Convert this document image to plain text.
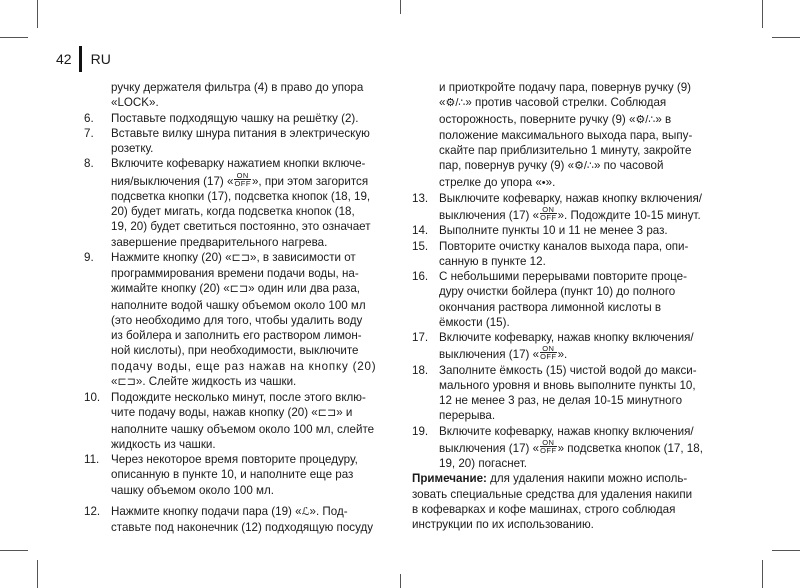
42 RU
ручку держателя фильтра (4) в право до упора
«LOCK».
6.	Поставьте подходящую чашку на решётку (2).
7.	Вставьте вилку шнура питания в электрическую
розетку.
8.	Включите кофеварку нажатием кнопки включе-
ния/выключения (17) « ON
OFF », при этом загорится
подсветка кнопки (17), подсветка кнопок (18, 19,
20) будет мигать, когда подсветка кнопок (18,
19, 20) будет светиться постоянно, это означает
завершение предварительного нагрева.
9.	Нажмите кнопку (20) «⊏⊐», в зависимости от
программирования времени подачи воды, на-
жимайте кнопку (20) «⊏⊐» один или два раза,
наполните водой чашку объемом около 100 мл
(это необходимо для того, чтобы удалить воду
из бойлера и заполнить его раствором лимон-
ной кислоты), при необходимости, выключите
подачу воды, еще раз нажав на кнопку (20)
«⊏⊐». Слейте жидкость из чашки.
10. Подождите несколько минут, после этого вклю-
чите подачу воды, нажав кнопку (20) «⊏⊐» и
наполните чашку объемом около 100 мл, слейте
жидкость из чашки.
11.	Через некоторое время повторите процедуру,
описанную в пункте 10, и наполните еще раз
чашку объемом около 100 мл.
12. Нажмите кнопку подачи пара (19) «ℒ». Под-
ставьте под наконечник (12) подходящую посуду
и приоткройте подачу пара, повернув ручку (9)
«⚙/∴» против часовой стрелки. Соблюдая
осторожность, поверните ручку (9) «⚙/∴» в
положение максимального выхода пара, выпу-
скайте пар приблизительно 1 минуту, закройте
пар, повернув ручку (9) «⚙/∴» по часовой
стрелке до упора «•».
13. Выключите кофеварку, нажав кнопку включения/
выключения (17) « ON
OFF ». Подождите 10-15 минут.
14. Выполните пункты 10 и 11 не менее 3 раз.
15. Повторите очистку каналов выхода пара, опи-
санную в пункте 12.
16. С небольшими перерывами повторите проце-
дуру очистки бойлера (пункт 10) до полного
окончания раствора лимонной кислоты в
ёмкости (15).
17. Включите кофеварку, нажав кнопку включения/
выключения (17) « ON
OFF ».
18. Заполните ёмкость (15) чистой водой до макси-
мального уровня и вновь выполните пункты 10,
12 не менее 3 раз, не делая 10-15 минутного
перерыва.
19. Включите кофеварку, нажав кнопку включения/
выключения (17) « ON
OFF » подсветка кнопок (17, 18,
19, 20) погаснет.
Примечание: для удаления накипи можно исполь-
зовать специальные средства для удаления накипи
в кофеварках и кофе машинах, строго соблюдая
инструкции по их использованию.
